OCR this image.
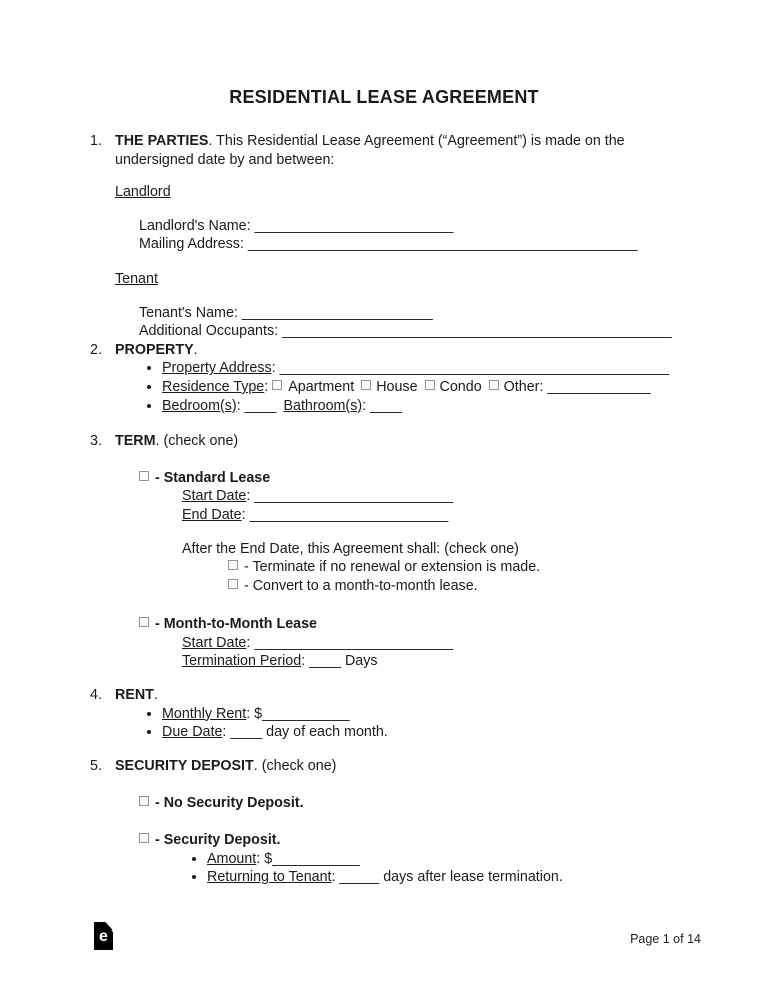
RESIDENTIAL LEASE AGREEMENT
1. THE PARTIES. This Residential Lease Agreement (“Agreement”) is made on the undersigned date by and between:

Landlord

Landlord's Name: _________________________
Mailing Address: _________________________________________________

Tenant

Tenant's Name: ________________________
Additional Occupants: _________________________________________________
2. PROPERTY.
• Property Address: _________________________________________________
• Residence Type: Apartment House Condo Other: _____________
• Bedroom(s): ____ Bathroom(s): ____
3. TERM. (check one)

- Standard Lease
Start Date: _________________________
End Date: _________________________
After the End Date, this Agreement shall: (check one)
- Terminate if no renewal or extension is made.
- Convert to a month-to-month lease.
- Month-to-Month Lease
Start Date: _________________________
Termination Period: ____ Days
4. RENT.
• Monthly Rent: $___________
• Due Date: ____ day of each month.
5. SECURITY DEPOSIT. (check one)

- No Security Deposit.
- Security Deposit.
• Amount: $___________
• Returning to Tenant: _____ days after lease termination.
e	Page 1 of 14
